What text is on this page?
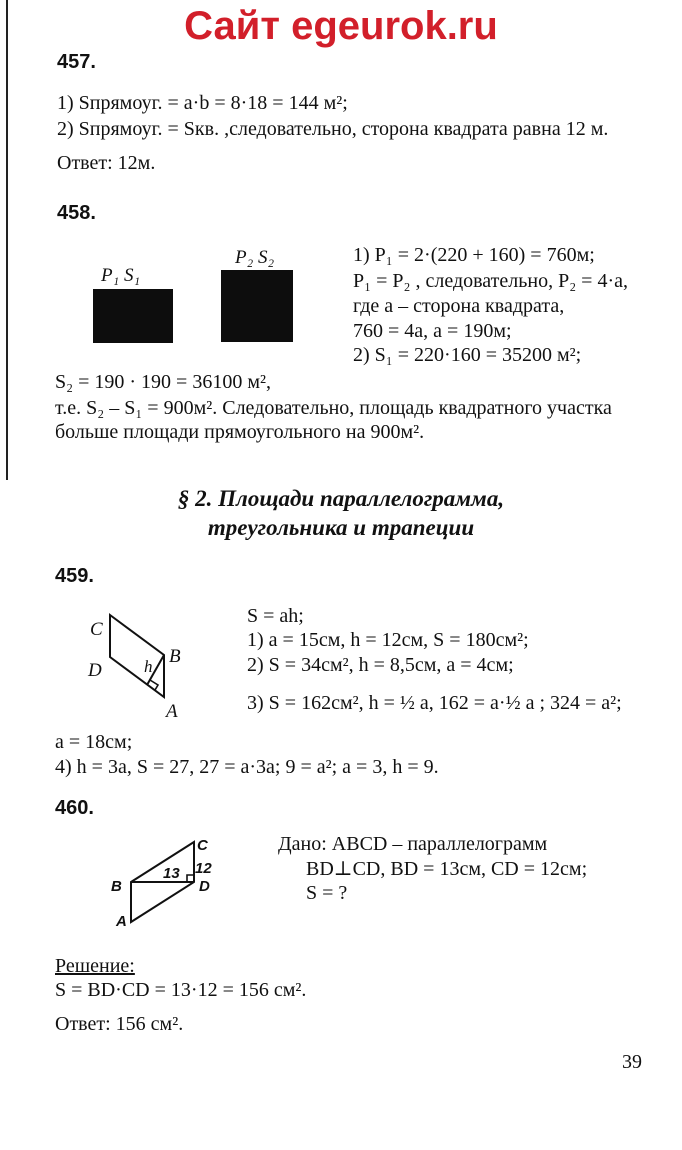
Сайт egeurok.ru
457.
1) Sпрямоуг. = a·b = 8·18 = 144 м²;
2) Sпрямоуг. = Sкв. ,следовательно, сторона квадрата равна 12 м.
Ответ: 12м.
458.
P₁ S₁
P₂ S₂	1) P₁ = 2·(220 + 160) = 760м;
P₁ = P₂ , следовательно, P₂ = 4·a,
где a – сторона квадрата,
760 = 4a, a = 190м;
2) S₁ = 220·160 = 35200 м²;
S₂ = 190 · 190 = 36100 м²,
т.е. S₂ – S₁ = 900м². Следовательно, площадь квадратного участка
больше площади прямоугольного на 900м².
§ 2. Площади параллелограмма,
треугольника и трапеции
459.
C
D
B
A
h
S = ah;
1) a = 15см, h = 12см, S = 180см²;
2) S = 34см², h = 8,5см, a = 4см;
3) S = 162см², h = ½ a, 162 = a·½ a ; 324 = a²;
a = 18см;
4) h = 3a, S = 27, 27 = a·3a; 9 = a²; a = 3, h = 9.
460.
C
12
D
B
A
13
Дано: ABCD – параллелограмм
BD⊥CD, BD = 13см, CD = 12см;
S = ?
Решение:
S = BD·CD = 13·12 = 156 см².
Ответ: 156 см².
39
